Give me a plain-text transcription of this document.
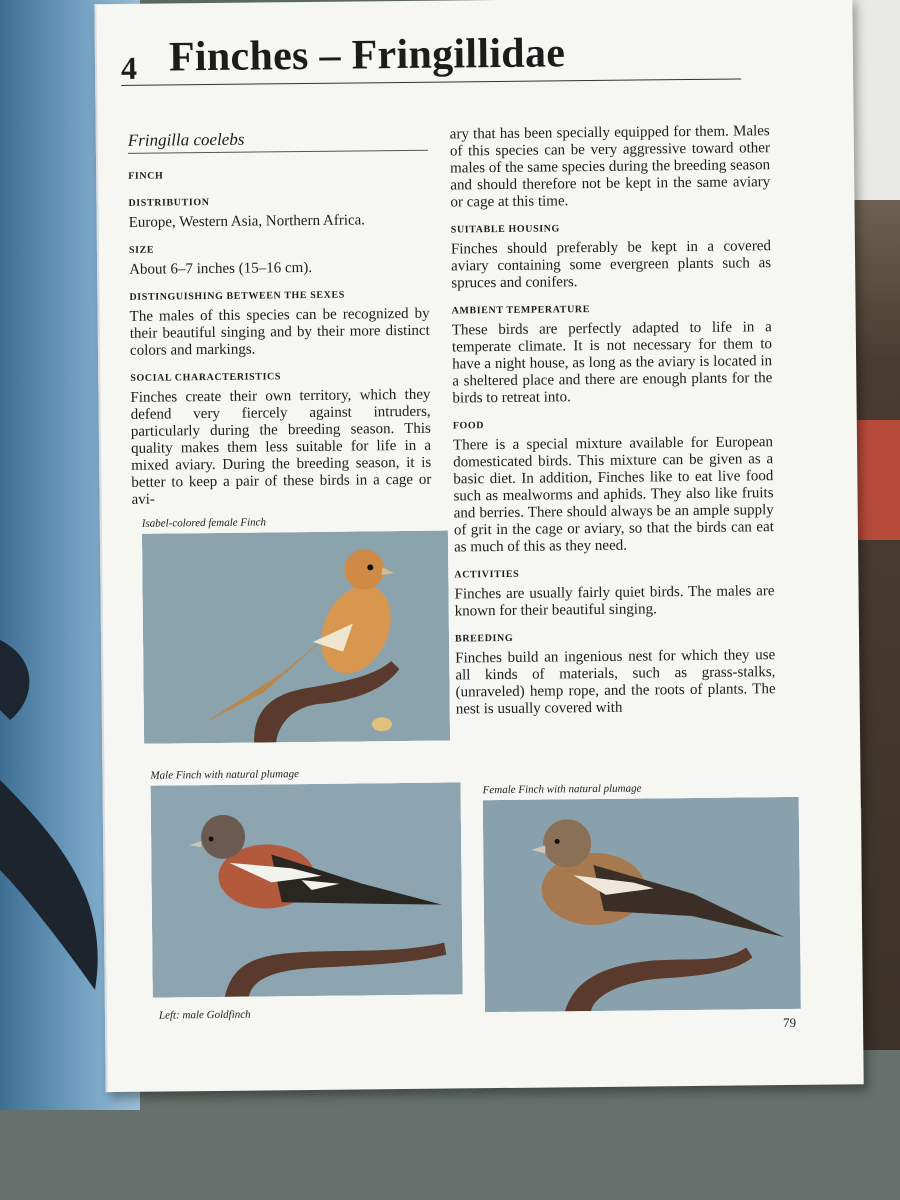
4 Finches – Fringillidae
Fringilla coelebs
FINCH
DISTRIBUTION
Europe, Western Asia, Northern Africa.
SIZE
About 6–7 inches (15–16 cm).
DISTINGUISHING BETWEEN THE SEXES
The males of this species can be recognized by their beautiful singing and by their more distinct colors and markings.
SOCIAL CHARACTERISTICS
Finches create their own territory, which they defend very fiercely against intruders, particularly during the breeding season. This quality makes them less suitable for life in a mixed aviary. During the breeding season, it is better to keep a pair of these birds in a cage or avi-
ary that has been specially equipped for them. Males of this species can be very aggressive toward other males of the same species during the breeding season and should therefore not be kept in the same aviary or cage at this time.
SUITABLE HOUSING
Finches should preferably be kept in a covered aviary containing some evergreen plants such as spruces and conifers.
AMBIENT TEMPERATURE
These birds are perfectly adapted to life in a temperate climate. It is not necessary for them to have a night house, as long as the aviary is located in a sheltered place and there are enough plants for the birds to retreat into.
FOOD
There is a special mixture available for European domesticated birds. This mixture can be given as a basic diet. In addition, Finches like to eat live food such as mealworms and aphids. They also like fruits and berries. There should always be an ample supply of grit in the cage or aviary, so that the birds can eat as much of this as they need.
ACTIVITIES
Finches are usually fairly quiet birds. The males are known for their beautiful singing.
BREEDING
Finches build an ingenious nest for which they use all kinds of materials, such as grass-stalks, (unraveled) hemp rope, and the roots of plants. The nest is usually covered with
Isabel-colored female Finch
Male Finch with natural plumage
Female Finch with natural plumage
Left: male Goldfinch	79
